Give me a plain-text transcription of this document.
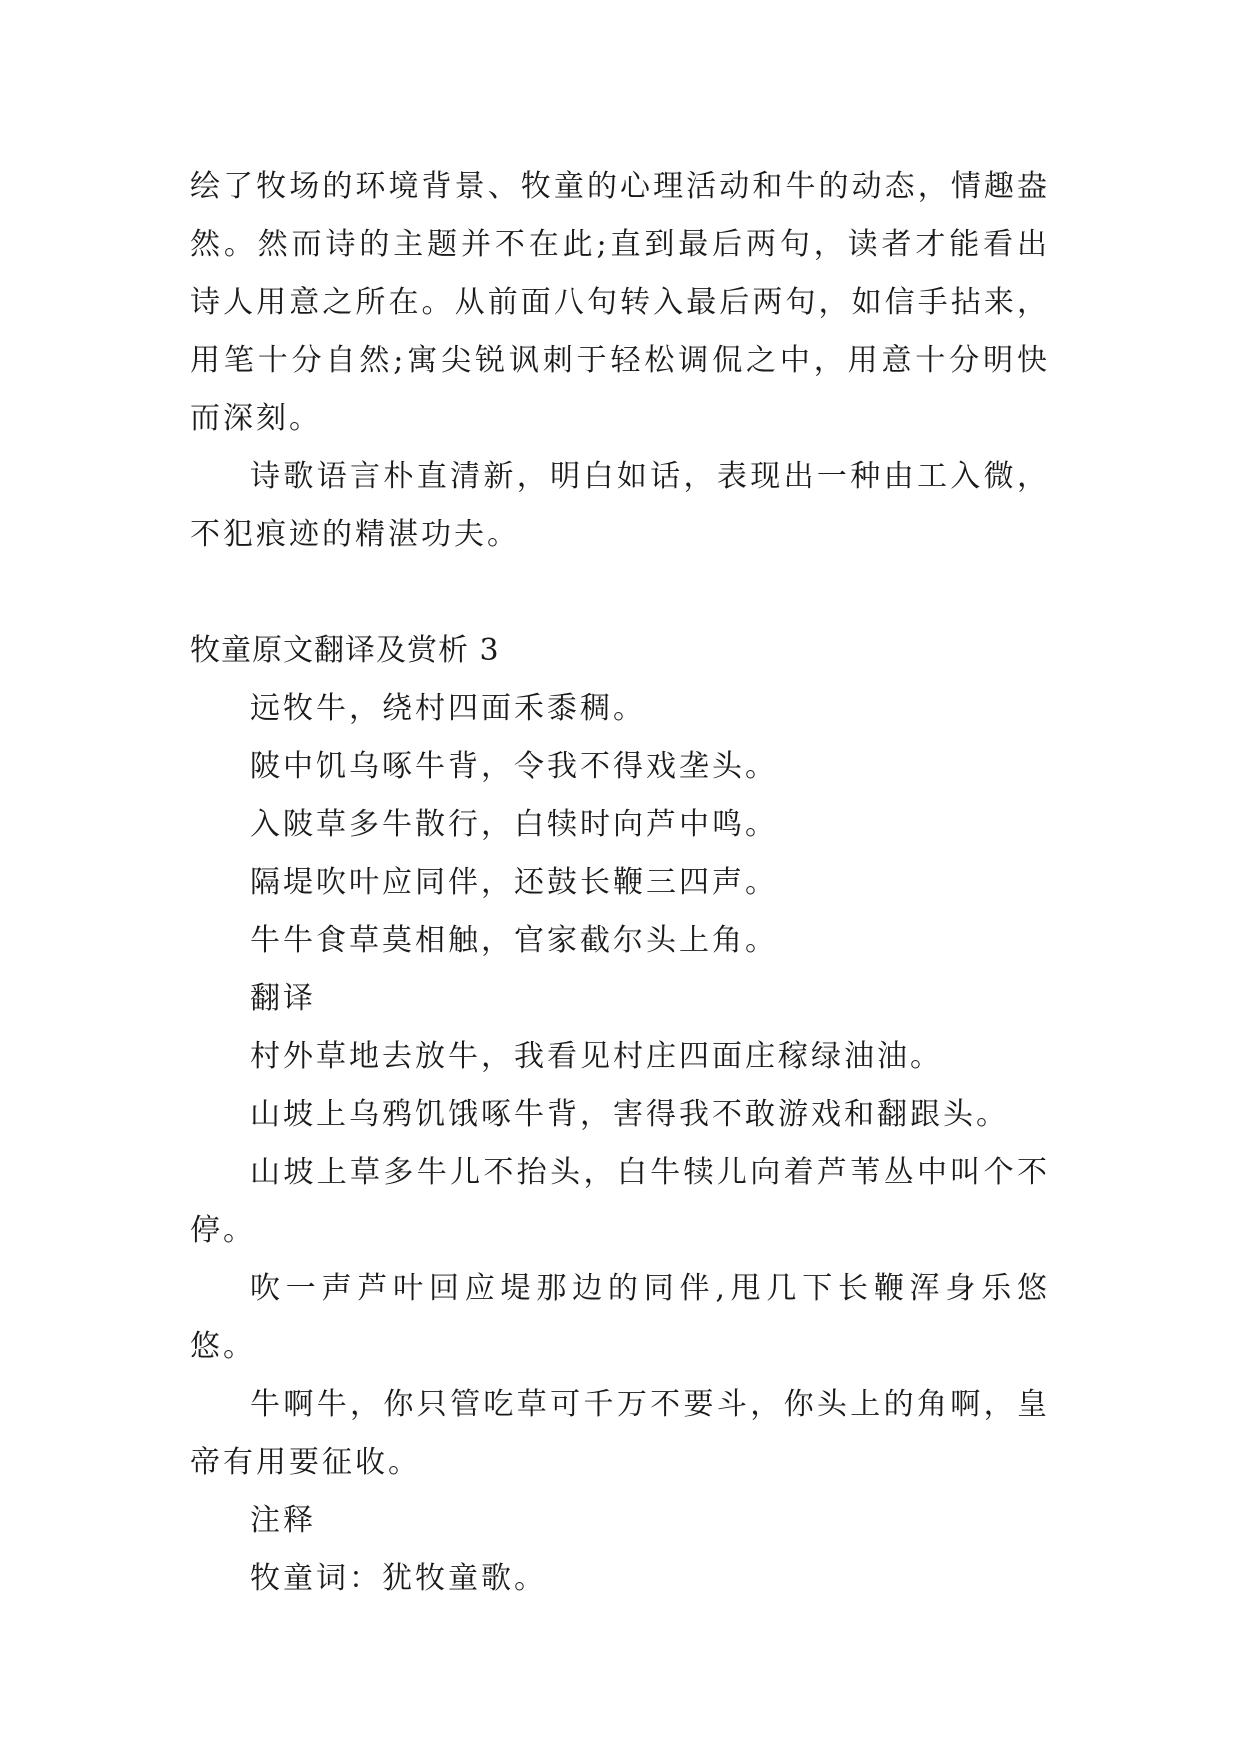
绘了牧场的环境背景、牧童的心理活动和牛的动态，情趣盎然。然而诗的主题并不在此;直到最后两句，读者才能看出诗人用意之所在。从前面八句转入最后两句，如信手拈来，用笔十分自然;寓尖锐讽刺于轻松调侃之中，用意十分明快而深刻。

诗歌语言朴直清新，明白如话，表现出一种由工入微，不犯痕迹的精湛功夫。

牧童原文翻译及赏析 3

远牧牛，绕村四面禾黍稠。

陂中饥乌啄牛背，令我不得戏垄头。

入陂草多牛散行，白犊时向芦中鸣。

隔堤吹叶应同伴，还鼓长鞭三四声。

牛牛食草莫相触，官家截尔头上角。

翻译

村外草地去放牛，我看见村庄四面庄稼绿油油。

山坡上乌鸦饥饿啄牛背，害得我不敢游戏和翻跟头。

山坡上草多牛儿不抬头，白牛犊儿向着芦苇丛中叫个不停。

吹一声芦叶回应堤那边的同伴,甩几下长鞭浑身乐悠悠。

牛啊牛，你只管吃草可千万不要斗，你头上的角啊，皇帝有用要征收。

注释

牧童词：犹牧童歌。
